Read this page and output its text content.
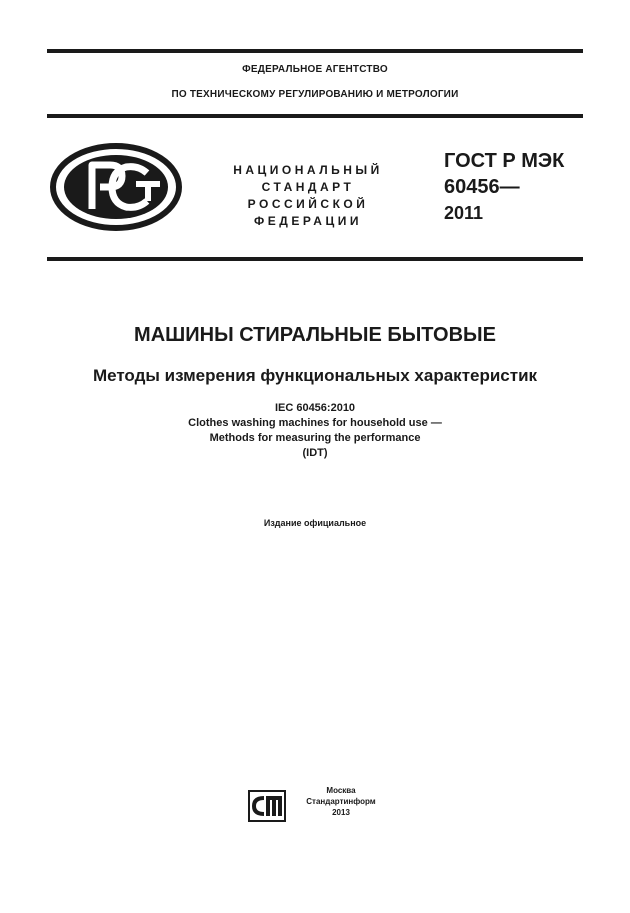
ФЕДЕРАЛЬНОЕ АГЕНТСТВО
ПО ТЕХНИЧЕСКОМУ РЕГУЛИРОВАНИЮ И МЕТРОЛОГИИ
НАЦИОНАЛЬНЫЙ
СТАНДАРТ
РОССИЙСКОЙ
ФЕДЕРАЦИИ
ГОСТ Р МЭК
60456—
2011
МАШИНЫ СТИРАЛЬНЫЕ БЫТОВЫЕ
Методы измерения функциональных характеристик
IEC 60456:2010
Clothes washing machines for household use —
Methods for measuring the performance
(IDT)
Издание официальное
Москва
Стандартинформ
2013
